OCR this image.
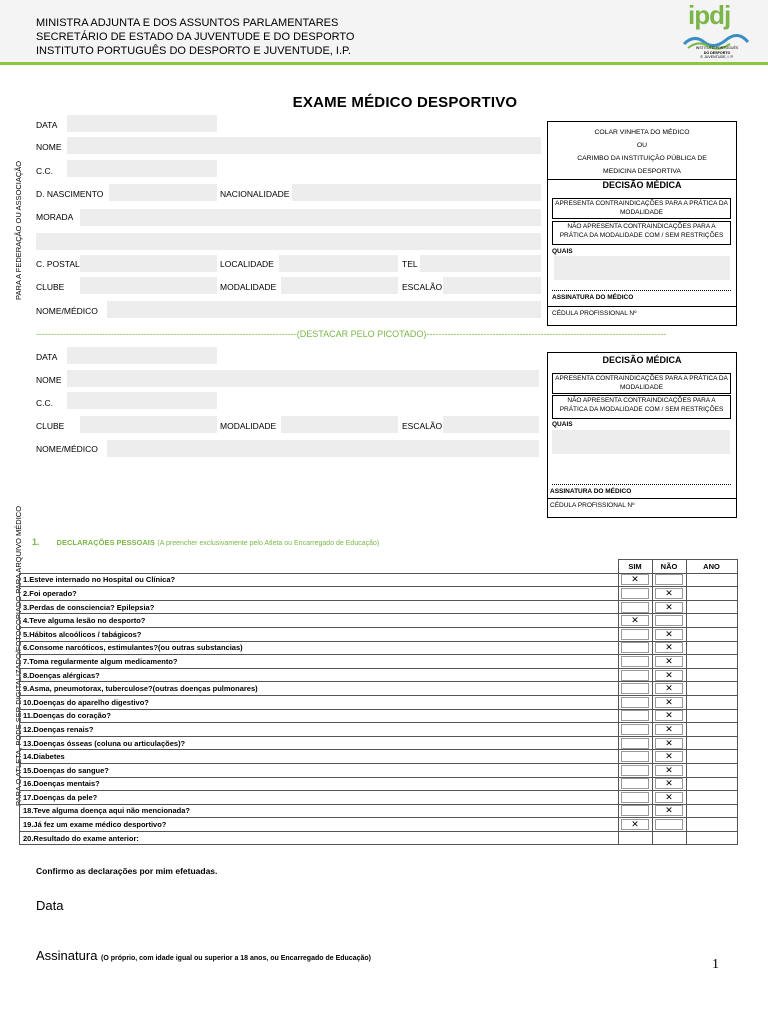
MINISTRA ADJUNTA E DOS ASSUNTOS PARLAMENTARES
SECRETÁRIO DE ESTADO DA JUVENTUDE E DO DESPORTO
INSTITUTO PORTUGUÊS DO DESPORTO E JUVENTUDE, I.P.
ipdj
INSTITUTO PORTUGUÊS
DO DESPORTO
E JUVENTUDE, I. P.
EXAME MÉDICO DESPORTIVO
PARA A FEDERAÇÃO OU ASSOCIAÇÃO
PARA O ATLETA, PODE SER DIGITALIZADO/FOTOCOPIADO PARA ARQUIVO MÉDICO
DATA
NOME
C.C.
D. NASCIMENTO	NACIONALIDADE
MORADA
C. POSTAL	LOCALIDADE	TEL
CLUBE	MODALIDADE	ESCALÃO
NOME/MÉDICO
COLAR VINHETA DO MÉDICO
OU
CARIMBO DA INSTITUIÇÃO PÚBLICA DE
MEDICINA DESPORTIVA
DECISÃO MÉDICA
APRESENTA CONTRAINDICAÇÕES PARA A PRÁTICA DA MODALIDADE
NÃO APRESENTA CONTRAINDICAÇÕES PARA A PRÁTICA DA MODALIDADE COM / SEM RESTRIÇÕES
QUAIS
ASSINATURA DO MÉDICO
CÉDULA PROFISSIONAL Nº
---------------------------------------------------------------------------------------(DESTACAR PELO PICOTADO)--------------------------------------------------------------------------------
DATA
NOME
C.C.
CLUBE	MODALIDADE	ESCALÃO
NOME/MÉDICO
DECISÃO MÉDICA
APRESENTA CONTRAINDICAÇÕES PARA A PRÁTICA DA MODALIDADE
NÃO APRESENTA CONTRAINDICAÇÕES PARA A PRÁTICA DA MODALIDADE COM / SEM RESTRIÇÕES
QUAIS
ASSINATURA DO MÉDICO
CÉDULA PROFISSIONAL Nº
1. DECLARAÇÕES PESSOAIS (A preencher exclusivamente pelo Atleta ou Encarregado de Educação)
	SIM	NÃO	ANO
1.Esteve internado no Hospital ou Clínica?	✕		
2.Foi operado?		✕	
3.Perdas de consciencia? Epilepsia?		✕	
4.Teve alguma lesão no desporto?	✕		
5.Hábitos alcoólicos / tabágicos?		✕	
6.Consome narcóticos, estimulantes?(ou outras substancias)		✕	
7.Toma regularmente algum medicamento?		✕	
8.Doenças alérgicas?		✕	
9.Asma, pneumotorax, tuberculose?(outras doenças pulmonares)		✕	
10.Doenças do aparelho digestivo?		✕	
11.Doenças do coração?		✕	
12.Doenças renais?		✕	
13.Doenças ósseas (coluna ou articulações)?		✕	
14.Diabetes		✕	
15.Doenças do sangue?		✕	
16.Doenças mentais?		✕	
17.Doenças da pele?		✕	
18.Teve alguma doença aqui não mencionada?		✕	
19.Já fez um exame médico desportivo?	✕		
20.Resultado do exame anterior:			
Confirmo as declarações por mim efetuadas.
Data
Assinatura (O próprio, com idade igual ou superior a 18 anos, ou Encarregado de Educação)	1
